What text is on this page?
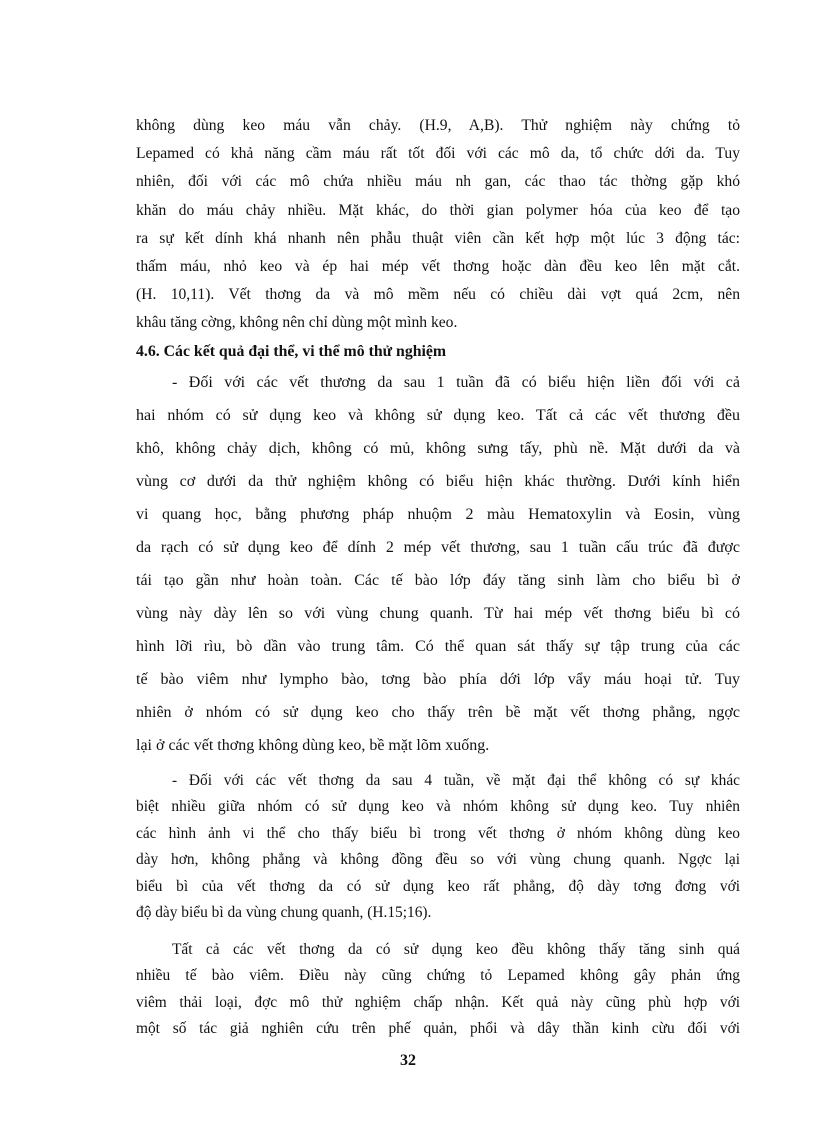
không dùng keo máu vẫn chảy. (H.9, A,B). Thử nghiệm này chứng tỏ
Lepamed có khả năng cầm máu rất tốt đối với các mô da, tổ chức dới da. Tuy
nhiên, đối với các mô chứa nhiều máu nh gan, các thao tác thờng gặp khó
khăn do máu chảy nhiều. Mặt khác, do thời gian polymer hóa của keo để tạo
ra sự kết dính khá nhanh nên phẫu thuật viên cần kết hợp một lúc 3 động tác:
thấm máu, nhỏ keo và ép hai mép vết thơng hoặc dàn đều keo lên mặt cắt.
(H. 10,11). Vết thơng da và mô mềm nếu có chiều dài vợt quá 2cm, nên
khâu tăng cờng, không nên chỉ dùng một mình keo.

4.6. Các kết quả đại thể, vi thể mô thử nghiệm

- Đối với các vết thương da sau 1 tuần đã có biểu hiện liền đối với cả
hai nhóm có sử dụng keo và không sử dụng keo. Tất cả các vết thương đều
khô, không chảy dịch, không có mủ, không sưng tấy, phù nề. Mặt dưới da và
vùng cơ dưới da thử nghiệm không có biểu hiện khác thường. Dưới kính hiển
vi quang học, bằng phương pháp nhuộm 2 màu Hematoxylin và Eosin, vùng
da rạch có sử dụng keo để dính 2 mép vết thương, sau 1 tuần cấu trúc đã được
tái tạo gần như hoàn toàn. Các tế bào lớp đáy tăng sinh làm cho biểu bì ở
vùng này dày lên so với vùng chung quanh. Từ hai mép vết thơng biểu bì có
hình lỡi rìu, bò dần vào trung tâm. Có thể quan sát thấy sự tập trung của các
tế bào viêm như lympho bào, tơng bào phía dới lớp vẩy máu hoại tử. Tuy
nhiên ở nhóm có sử dụng keo cho thấy trên bề mặt vết thơng phẳng, ngợc
lại ở các vết thơng không dùng keo, bề mặt lõm xuống.

- Đối với các vết thơng da sau 4 tuần, về mặt đại thể không có sự khác
biệt nhiều giữa nhóm có sử dụng keo và nhóm không sử dụng keo. Tuy nhiên
các hình ảnh vi thể cho thấy biểu bì trong vết thơng ở nhóm không dùng keo
dày hơn, không phẳng và không đồng đều so với vùng chung quanh. Ngợc lại
biểu bì của vết thơng da có sử dụng keo rất phẳng, độ dày tơng đơng với
độ dày biểu bì da vùng chung quanh, (H.15;16).

Tất cả các vết thơng da có sử dụng keo đều không thấy tăng sinh quá
nhiều tế bào viêm. Điều này cũng chứng tỏ Lepamed không gây phản ứng
viêm thải loại, đợc mô thử nghiệm chấp nhận. Kết quả này cũng phù hợp với
một số tác giả nghiên cứu trên phế quản, phổi và dây thần kinh cừu đối với

32
